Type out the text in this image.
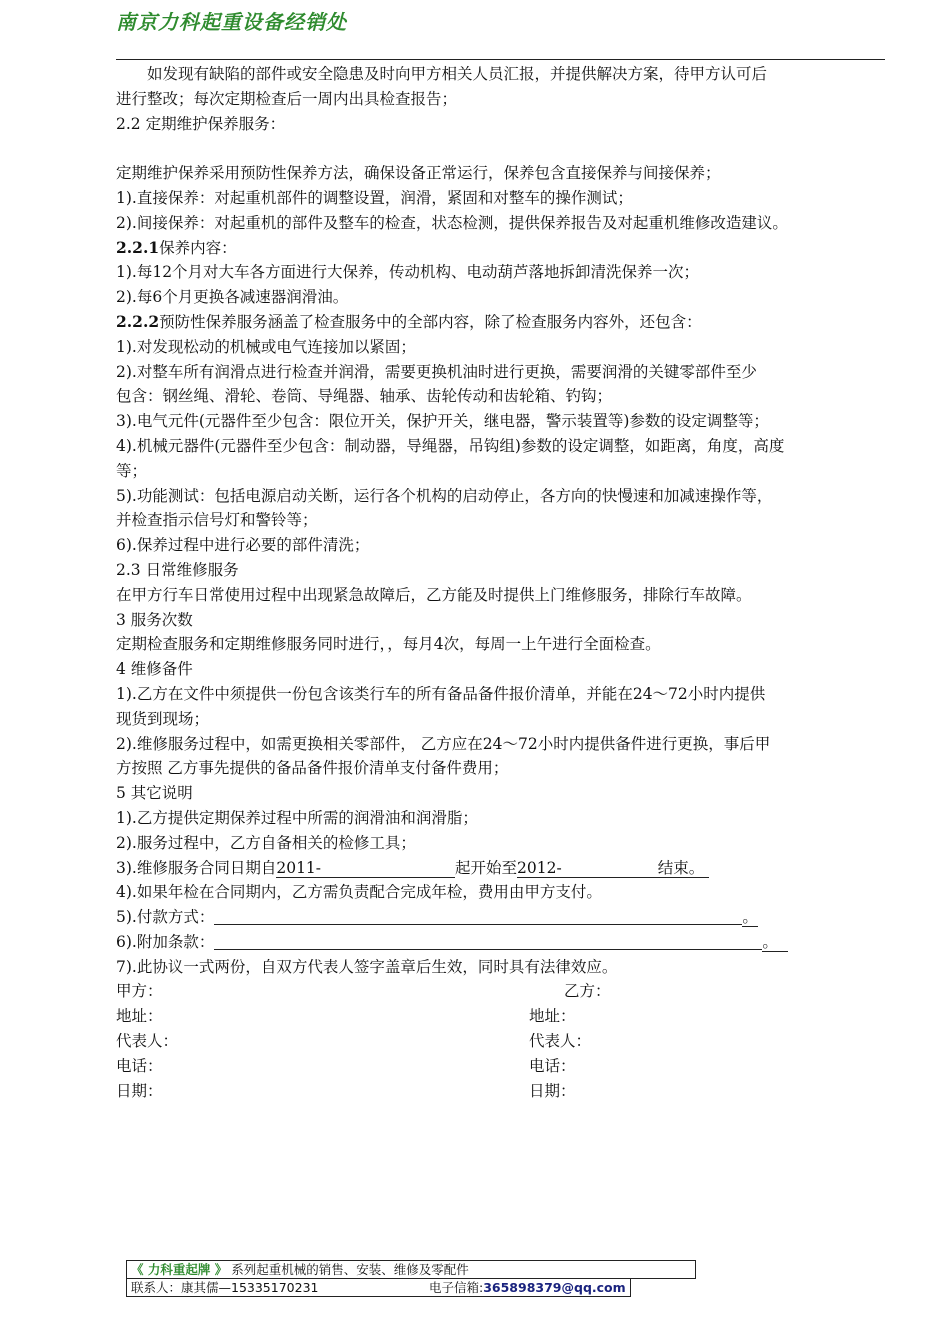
南京力科起重设备经销处
如发现有缺陷的部件或安全隐患及时向甲方相关人员汇报，并提供解决方案，待甲方认可后
进行整改；每次定期检查后一周内出具检查报告；
2.2 定期维护保养服务：

定期维护保养采用预防性保养方法，确保设备正常运行，保养包含直接保养与间接保养；
1).直接保养：对起重机部件的调整设置，润滑，紧固和对整车的操作测试；
2).间接保养：对起重机的部件及整车的检查，状态检测，提供保养报告及对起重机维修改造建议。
2.2.1保养内容：
1).每12个月对大车各方面进行大保养，传动机构、电动葫芦落地拆卸清洗保养一次；
2).每6个月更换各减速器润滑油。
2.2.2预防性保养服务涵盖了检查服务中的全部内容，除了检查服务内容外，还包含：
1).对发现松动的机械或电气连接加以紧固；
2).对整车所有润滑点进行检查并润滑，需要更换机油时进行更换，需要润滑的关键零部件至少
包含：钢丝绳、滑轮、卷筒、导绳器、轴承、齿轮传动和齿轮箱、钓钩；
3).电气元件(元器件至少包含：限位开关，保护开关，继电器，警示装置等)参数的设定调整等；
4).机械元器件(元器件至少包含：制动器，导绳器，吊钩组)参数的设定调整，如距离，角度，高度
等；
5).功能测试：包括电源启动关断，运行各个机构的启动停止，各方向的快慢速和加减速操作等，
并检查指示信号灯和警铃等；
6).保养过程中进行必要的部件清洗；
2.3 日常维修服务
在甲方行车日常使用过程中出现紧急故障后，乙方能及时提供上门维修服务，排除行车故障。
3 服务次数
定期检查服务和定期维修服务同时进行，，每月4次，每周一上午进行全面检查。
4 维修备件
1).乙方在文件中须提供一份包含该类行车的所有备品备件报价清单，并能在24～72小时内提供
现货到现场；
2).维修服务过程中，如需更换相关零部件， 乙方应在24～72小时内提供备件进行更换，事后甲
方按照 乙方事先提供的备品备件报价清单支付备件费用；
5 其它说明
1).乙方提供定期保养过程中所需的润滑油和润滑脂；
2).服务过程中，乙方自备相关的检修工具；
3).维修服务合同日期自2011-	起开始至2012-	结束。
4).如果年检在合同期内，乙方需负责配合完成年检，费用由甲方支付。
5).付款方式：	。
6).附加条款：	。
7).此协议一式两份，自双方代表人签字盖章后生效，同时具有法律效应。
甲方：	乙方：
地址：	地址：
代表人：	代表人：
电话：	电话：
日期：	日期：
《 力科重起牌 》 系列起重机械的销售、安装、维修及零配件
联系人：康其儒—15335170231	电子信箱:365898379@qq.com
